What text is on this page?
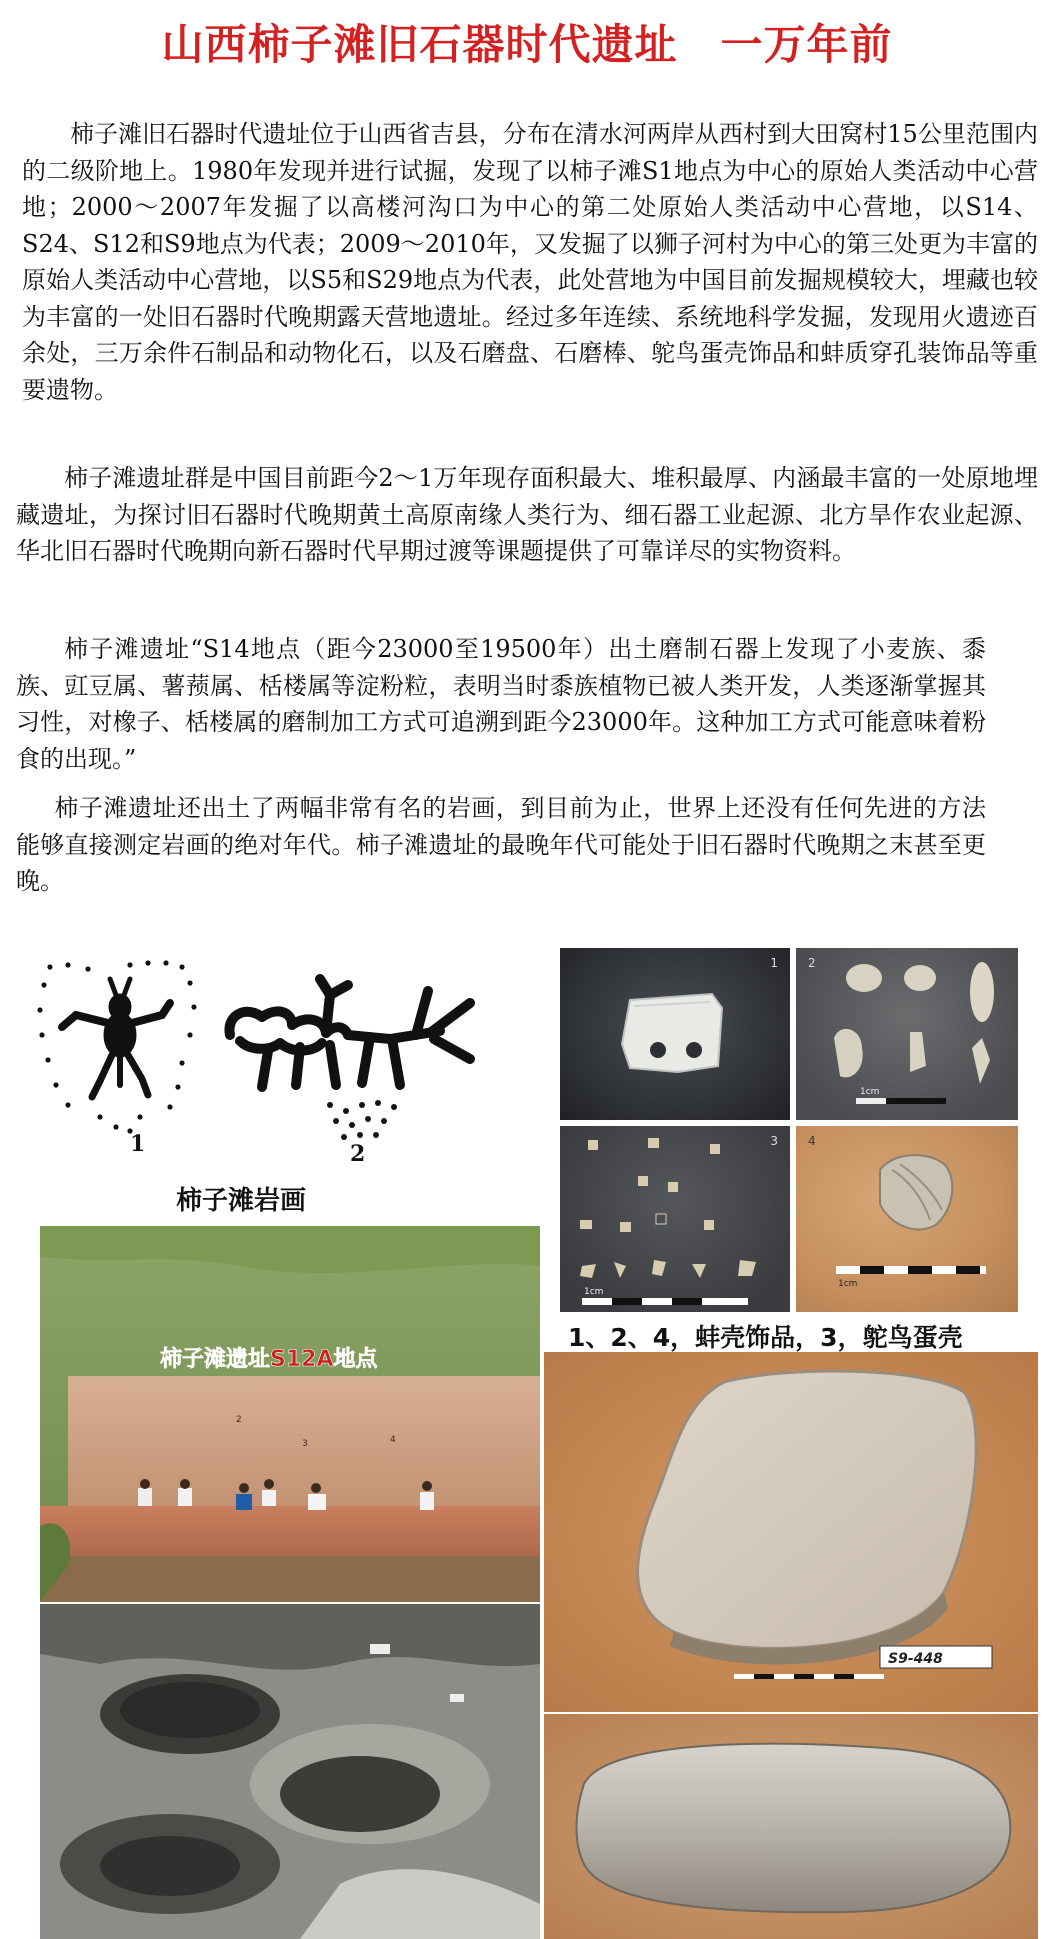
山西柿子滩旧石器时代遗址　一万年前

柿子滩旧石器时代遗址位于山西省吉县，分布在清水河两岸从西村到大田窝村15公里范围内的二级阶地上。1980年发现并进行试掘，发现了以柿子滩S1地点为中心的原始人类活动中心营地；2000～2007年发掘了以高楼河沟口为中心的第二处原始人类活动中心营地，以S14、S24、S12和S9地点为代表；2009～2010年，又发掘了以狮子河村为中心的第三处更为丰富的原始人类活动中心营地，以S5和S29地点为代表，此处营地为中国目前发掘规模较大，埋藏也较为丰富的一处旧石器时代晚期露天营地遗址。经过多年连续、系统地科学发掘，发现用火遗迹百余处，三万余件石制品和动物化石，以及石磨盘、石磨棒、鸵鸟蛋壳饰品和蚌质穿孔装饰品等重要遗物。

柿子滩遗址群是中国目前距今2～1万年现存面积最大、堆积最厚、内涵最丰富的一处原地埋藏遗址，为探讨旧石器时代晚期黄土高原南缘人类行为、细石器工业起源、北方旱作农业起源、华北旧石器时代晚期向新石器时代早期过渡等课题提供了可靠详尽的实物资料。

柿子滩遗址“S14地点（距今23000至19500年）出土磨制石器上发现了小麦族、黍族、豇豆属、薯蓣属、栝楼属等淀粉粒，表明当时黍族植物已被人类开发，人类逐渐掌握其习性，对橡子、栝楼属的磨制加工方式可追溯到距今23000年。这种加工方式可能意味着粉食的出现。”

柿子滩遗址还出土了两幅非常有名的岩画，到目前为止，世界上还没有任何先进的方法能够直接测定岩画的绝对年代。柿子滩遗址的最晚年代可能处于旧石器时代晚期之末甚至更晚。

1	2
柿子滩岩画
1	2
1cm
3
1cm
4
1cm
1、2、4，蚌壳饰品，3，鸵鸟蛋壳
柿子滩遗址S12A地点
2
3	4
S9-448
